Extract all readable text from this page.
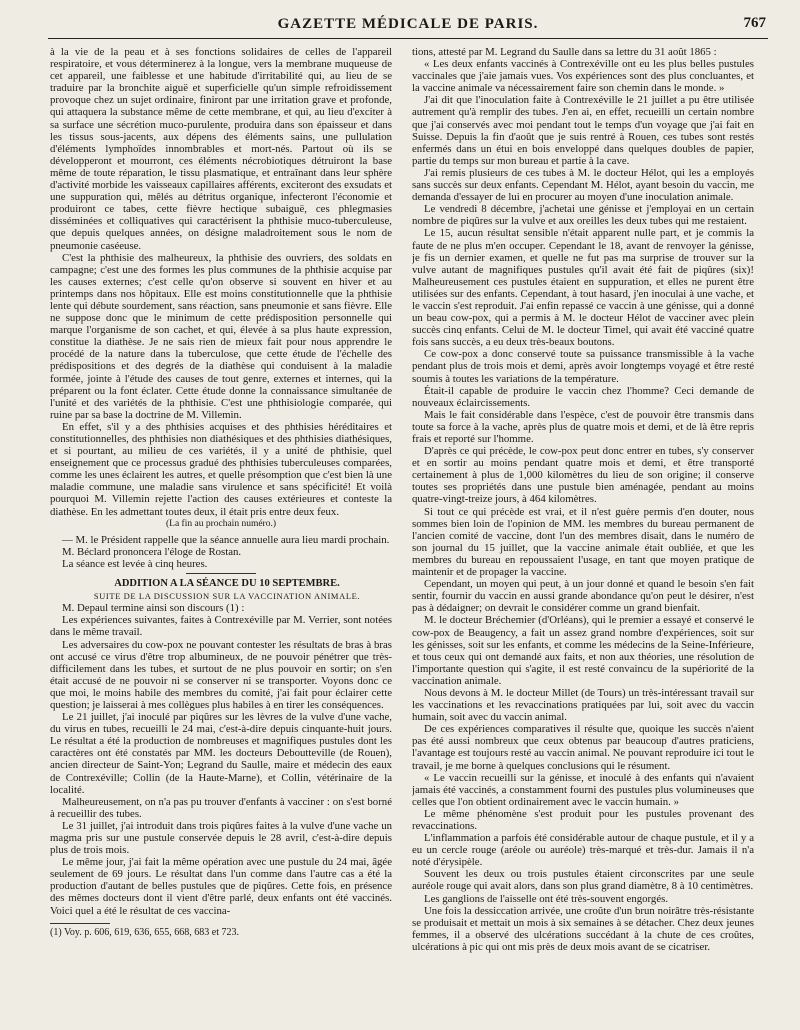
GAZETTE MÉDICALE DE PARIS.	767

à la vie de la peau et à ses fonctions solidaires de celles de l'appareil respiratoire, et vous déterminerez à la longue, vers la membrane muqueuse de cet appareil, une faiblesse et une habitude d'irritabilité qui, au lieu de se traduire par la bronchite aiguë et superficielle qu'un simple refroidissement provoque chez un sujet ordinaire, finiront par une irritation grave et profonde, qui attaquera la substance même de cette membrane, et qui, au lieu d'exciter à sa surface une sécrétion muco-purulente, produira dans son épaisseur et dans les tissus sous-jacents, aux dépens des éléments sains, une pullulation d'éléments lymphoïdes innombrables et mort-nés. Partout où ils se développeront et mourront, ces éléments nécrobiotiques détruiront la base même de toute réparation, le tissu plasmatique, et entraînant dans leur sphère d'activité morbide les vaisseaux capillaires afférents, exciteront des exsudats et une suppuration qui, mêlés au détritus organique, infecteront l'économie et produiront ce tabes, cette fièvre hectique subaiguë, ces phlegmasies disséminées et colliquatives qui caractérisent la phthisie muco-tuberculeuse, que depuis quelques années, on désigne maladroitement sous le nom de pneumonie caséeuse.

C'est la phthisie des malheureux, la phthisie des ouvriers, des soldats en campagne; c'est une des formes les plus communes de la phthisie acquise par les causes externes; c'est celle qu'on observe si souvent en hiver et au printemps dans nos hôpitaux. Elle est moins constitutionnelle que la phthisie lente qui débute sourdement, sans réaction, sans pneumonie et sans fièvre. Elle ne suppose donc que le minimum de cette prédisposition personnelle qui marque l'organisme de son cachet, et qui, élevée à sa plus haute expression, constitue la diathèse. Je ne sais rien de mieux fait pour nous apprendre le procédé de la nature dans la tuberculose, que cette étude de l'échelle des prédispositions et des degrés de la diathèse qui conduisent à la maladie formée, jointe à l'étude des causes de tout genre, externes et internes, qui la préparent ou la font éclater. Cette étude donne la connaissance simultanée de l'unité et des variétés de la phthisie. C'est une phthisiologie comparée, qui ruine par sa base la doctrine de M. Villemin.

En effet, s'il y a des phthisies acquises et des phthisies héréditaires et constitutionnelles, des phthisies non diathésiques et des phthisies diathésiques, et si pourtant, au milieu de ces variétés, il y a unité de phthisie, quel enseignement que ce processus gradué des phthisies tuberculeuses comparées, comme les unes éclairent les autres, et quelle présomption que c'est bien là une maladie commune, une maladie sans virulence et sans spécificité! Et voilà pourquoi M. Villemin rejette l'action des causes extérieures et conteste la diathèse. En les admettant toutes deux, il était pris entre deux feux.

(La fin au prochain numéro.)

— M. le Président rappelle que la séance annuelle aura lieu mardi prochain.

M. Béclard prononcera l'éloge de Rostan.

La séance est levée à cinq heures.

ADDITION A LA SÉANCE DU 10 SEPTEMBRE.

SUITE DE LA DISCUSSION SUR LA VACCINATION ANIMALE.

M. Depaul termine ainsi son discours (1) :

Les expériences suivantes, faites à Contrexéville par M. Verrier, sont notées dans le même travail.

Les adversaires du cow-pox ne pouvant contester les résultats de bras à bras ont accusé ce virus d'être trop albumineux, de ne pouvoir pénétrer que très-difficilement dans les tubes, et surtout de ne plus pouvoir en sortir; on s'en était accusé de ne pouvoir ni se conserver ni se transporter. Voyons donc ce que moi, le moins habile des membres du comité, j'ai fait pour éclairer cette question; je laisserai à mes collègues plus habiles à en tirer les conséquences.

Le 21 juillet, j'ai inoculé par piqûres sur les lèvres de la vulve d'une vache, du virus en tubes, recueilli le 24 mai, c'est-à-dire depuis cinquante-huit jours. Le résultat a été la production de nombreuses et magnifiques pustules dont les caractères ont été constatés par MM. les docteurs Deboutteville (de Rouen), ancien directeur de Saint-Yon; Legrand du Saulle, maire et médecin des eaux de Contrexéville; Collin (de la Haute-Marne), et Collin, vétérinaire de la localité.

Malheureusement, on n'a pas pu trouver d'enfants à vacciner : on s'est borné à recueillir des tubes.

Le 31 juillet, j'ai introduit dans trois piqûres faites à la vulve d'une vache un magma pris sur une pustule conservée depuis le 28 avril, c'est-à-dire depuis plus de trois mois.

Le même jour, j'ai fait la même opération avec une pustule du 24 mai, âgée seulement de 69 jours. Le résultat dans l'un comme dans l'autre cas a été la production d'autant de belles pustules que de piqûres. Cette fois, en présence des mêmes docteurs dont il vient d'être parlé, deux enfants ont été vaccinés. Voici quel a été le résultat de ces vaccina-

(1) Voy. p. 606, 619, 636, 655, 668, 683 et 723.

tions, attesté par M. Legrand du Saulle dans sa lettre du 31 août 1865 :

« Les deux enfants vaccinés à Contrexéville ont eu les plus belles pustules vaccinales que j'aie jamais vues. Vos expériences sont des plus concluantes, et la vaccine animale va nécessairement faire son chemin dans le monde. »

J'ai dit que l'inoculation faite à Contrexéville le 21 juillet a pu être utilisée autrement qu'à remplir des tubes. J'en ai, en effet, recueilli un certain nombre que j'ai conservés avec moi pendant tout le temps d'un voyage que j'ai fait en Suisse. Depuis la fin d'août que je suis rentré à Rouen, ces tubes sont restés enfermés dans un étui en bois enveloppé dans quelques doubles de papier, partie du temps sur mon bureau et partie à la cave.

J'ai remis plusieurs de ces tubes à M. le docteur Hélot, qui les a employés sans succès sur deux enfants. Cependant M. Hélot, ayant besoin du vaccin, me demanda d'essayer de lui en procurer au moyen d'une inoculation animale.

Le vendredi 8 décembre, j'achetai une génisse et j'employai en un certain nombre de piqûres sur la vulve et aux oreilles les deux tubes qui me restaient.

Le 15, aucun résultat sensible n'était apparent nulle part, et je commis la faute de ne plus m'en occuper. Cependant le 18, avant de renvoyer la génisse, je fis un dernier examen, et quelle ne fut pas ma surprise de trouver sur la vulve autant de magnifiques pustules qu'il avait été fait de piqûres (six)! Malheureusement ces pustules étaient en suppuration, et elles ne purent être utilisées sur des enfants. Cependant, à tout hasard, j'en inoculai à une vache, et le vaccin s'est reproduit. J'ai enfin repassé ce vaccin à une génisse, qui a donné un beau cow-pox, qui a permis à M. le docteur Hélot de vacciner avec plein succès cinq enfants. Celui de M. le docteur Timel, qui avait été vacciné quatre fois sans succès, a eu deux très-beaux boutons.

Ce cow-pox a donc conservé toute sa puissance transmissible à la vache pendant plus de trois mois et demi, après avoir longtemps voyagé et être resté soumis à toutes les variations de la température.

Était-il capable de produire le vaccin chez l'homme? Ceci demande de nouveaux éclaircissements.

Mais le fait considérable dans l'espèce, c'est de pouvoir être transmis dans toute sa force à la vache, après plus de quatre mois et demi, et de là être repris frais et reporté sur l'homme.

D'après ce qui précède, le cow-pox peut donc entrer en tubes, s'y conserver et en sortir au moins pendant quatre mois et demi, et être transporté certainement à plus de 1,000 kilomètres du lieu de son origine; il conserve toutes ses propriétés dans une pustule bien aménagée, pendant au moins quatre-vingt-treize jours, à 464 kilomètres.

Si tout ce qui précède est vrai, et il n'est guère permis d'en douter, nous sommes bien loin de l'opinion de MM. les membres du bureau permanent de l'ancien comité de vaccine, dont l'un des membres disait, dans le numéro de son journal du 15 juillet, que la vaccine animale était oubliée, et que les membres du bureau en repoussaient l'usage, en tant que moyen pratique de maintenir et de propager la vaccine.

Cependant, un moyen qui peut, à un jour donné et quand le besoin s'en fait sentir, fournir du vaccin en aussi grande abondance qu'on peut le désirer, n'est pas à dédaigner; on devrait le considérer comme un grand bienfait.

M. le docteur Bréchemier (d'Orléans), qui le premier a essayé et conservé le cow-pox de Beaugency, a fait un assez grand nombre d'expériences, soit sur les génisses, soit sur les enfants, et comme les médecins de la Seine-Inférieure, et tous ceux qui ont demandé aux faits, et non aux théories, une résolution de l'importante question qui s'agite, il est resté convaincu de la supériorité de la vaccination animale.

Nous devons à M. le docteur Millet (de Tours) un très-intéressant travail sur les vaccinations et les revaccinations pratiquées par lui, soit avec du vaccin humain, soit avec du vaccin animal.

De ces expériences comparatives il résulte que, quoique les succès n'aient pas été aussi nombreux que ceux obtenus par beaucoup d'autres praticiens, l'avantage est toujours resté au vaccin animal. Ne pouvant reproduire ici tout le travail, je me borne à quelques conclusions qui le résument.

« Le vaccin recueilli sur la génisse, et inoculé à des enfants qui n'avaient jamais été vaccinés, a constamment fourni des pustules plus volumineuses que celles que l'on obtient ordinairement avec le vaccin humain. »

Le même phénomène s'est produit pour les pustules provenant des revaccinations.

L'inflammation a parfois été considérable autour de chaque pustule, et il y a eu un cercle rouge (aréole ou auréole) très-marqué et très-dur. Jamais il n'a noté d'érysipèle.

Souvent les deux ou trois pustules étaient circonscrites par une seule auréole rouge qui avait alors, dans son plus grand diamètre, 8 à 10 centimètres.

Les ganglions de l'aisselle ont été très-souvent engorgés.

Une fois la dessiccation arrivée, une croûte d'un brun noirâtre très-résistante se produisait et mettait un mois à six semaines à se détacher. Chez deux jeunes femmes, il a observé des ulcérations succédant à la chute de ces croûtes, ulcérations à pic qui ont mis près de deux mois avant de se cicatriser.
